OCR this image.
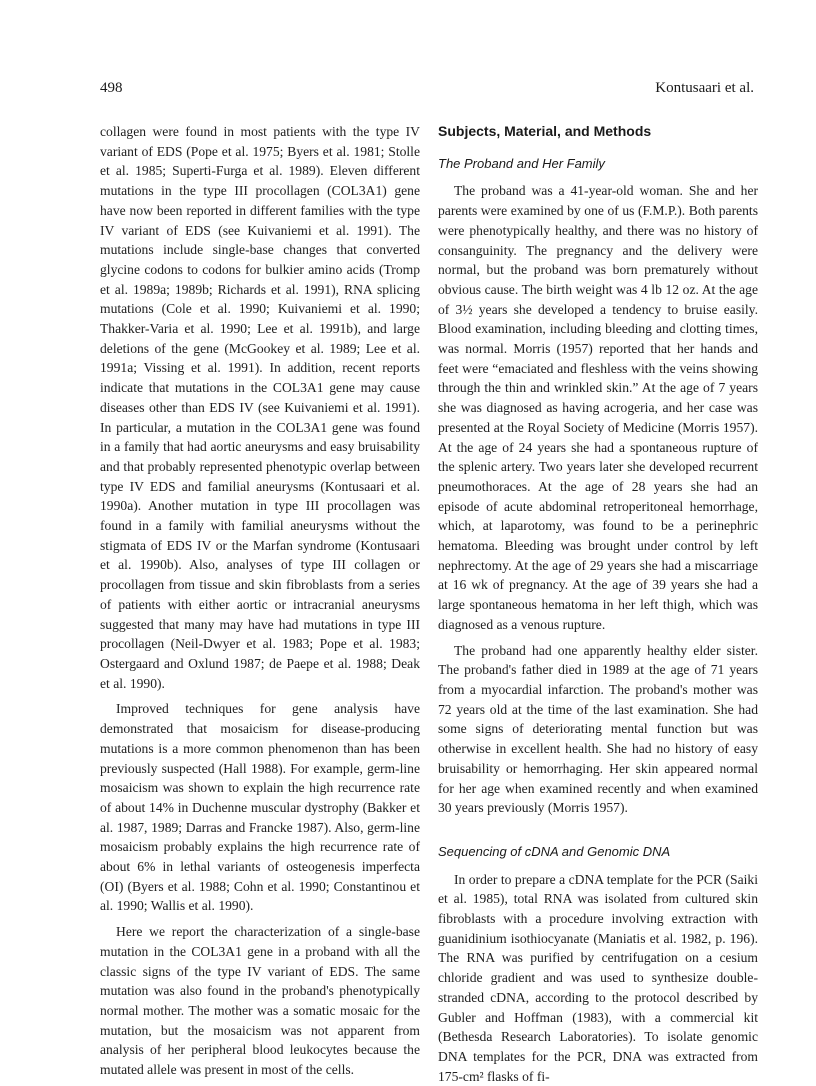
498	Kontusaari et al.

collagen were found in most patients with the type IV variant of EDS (Pope et al. 1975; Byers et al. 1981; Stolle et al. 1985; Superti-Furga et al. 1989). Eleven different mutations in the type III procollagen (COL3A1) gene have now been reported in different families with the type IV variant of EDS (see Kuivaniemi et al. 1991). The mutations include single-base changes that converted glycine codons to codons for bulkier amino acids (Tromp et al. 1989a; 1989b; Richards et al. 1991), RNA splicing mutations (Cole et al. 1990; Kuivaniemi et al. 1990; Thakker-Varia et al. 1990; Lee et al. 1991b), and large deletions of the gene (McGookey et al. 1989; Lee et al. 1991a; Vissing et al. 1991). In addition, recent reports indicate that mutations in the COL3A1 gene may cause diseases other than EDS IV (see Kuivaniemi et al. 1991). In particular, a mutation in the COL3A1 gene was found in a family that had aortic aneurysms and easy bruisability and that probably represented phenotypic overlap between type IV EDS and familial aneurysms (Kontusaari et al. 1990a). Another mutation in type III procollagen was found in a family with familial aneurysms without the stigmata of EDS IV or the Marfan syndrome (Kontusaari et al. 1990b). Also, analyses of type III collagen or procollagen from tissue and skin fibroblasts from a series of patients with either aortic or intracranial aneurysms suggested that many may have had mutations in type III procollagen (Neil-Dwyer et al. 1983; Pope et al. 1983; Ostergaard and Oxlund 1987; de Paepe et al. 1988; Deak et al. 1990).

Improved techniques for gene analysis have demonstrated that mosaicism for disease-producing mutations is a more common phenomenon than has been previously suspected (Hall 1988). For example, germ-line mosaicism was shown to explain the high recurrence rate of about 14% in Duchenne muscular dystrophy (Bakker et al. 1987, 1989; Darras and Francke 1987). Also, germ-line mosaicism probably explains the high recurrence rate of about 6% in lethal variants of osteogenesis imperfecta (OI) (Byers et al. 1988; Cohn et al. 1990; Constantinou et al. 1990; Wallis et al. 1990).

Here we report the characterization of a single-base mutation in the COL3A1 gene in a proband with all the classic signs of the type IV variant of EDS. The same mutation was also found in the proband's phenotypically normal mother. The mother was a somatic mosaic for the mutation, but the mosaicism was not apparent from analysis of her peripheral blood leukocytes because the mutated allele was present in most of the cells.

Subjects, Material, and Methods
The Proband and Her Family

The proband was a 41-year-old woman. She and her parents were examined by one of us (F.M.P.). Both parents were phenotypically healthy, and there was no history of consanguinity. The pregnancy and the delivery were normal, but the proband was born prematurely without obvious cause. The birth weight was 4 lb 12 oz. At the age of 3½ years she developed a tendency to bruise easily. Blood examination, including bleeding and clotting times, was normal. Morris (1957) reported that her hands and feet were “emaciated and fleshless with the veins showing through the thin and wrinkled skin.” At the age of 7 years she was diagnosed as having acrogeria, and her case was presented at the Royal Society of Medicine (Morris 1957). At the age of 24 years she had a spontaneous rupture of the splenic artery. Two years later she developed recurrent pneumothoraces. At the age of 28 years she had an episode of acute abdominal retroperitoneal hemorrhage, which, at laparotomy, was found to be a perinephric hematoma. Bleeding was brought under control by left nephrectomy. At the age of 29 years she had a miscarriage at 16 wk of pregnancy. At the age of 39 years she had a large spontaneous hematoma in her left thigh, which was diagnosed as a venous rupture.

The proband had one apparently healthy elder sister. The proband's father died in 1989 at the age of 71 years from a myocardial infarction. The proband's mother was 72 years old at the time of the last examination. She had some signs of deteriorating mental function but was otherwise in excellent health. She had no history of easy bruisability or hemorrhaging. Her skin appeared normal for her age when examined recently and when examined 30 years previously (Morris 1957).

Sequencing of cDNA and Genomic DNA

In order to prepare a cDNA template for the PCR (Saiki et al. 1985), total RNA was isolated from cultured skin fibroblasts with a procedure involving extraction with guanidinium isothiocyanate (Maniatis et al. 1982, p. 196). The RNA was purified by centrifugation on a cesium chloride gradient and was used to synthesize double-stranded cDNA, according to the protocol described by Gubler and Hoffman (1983), with a commercial kit (Bethesda Research Laboratories). To isolate genomic DNA templates for the PCR, DNA was extracted from 175-cm² flasks of fi-
